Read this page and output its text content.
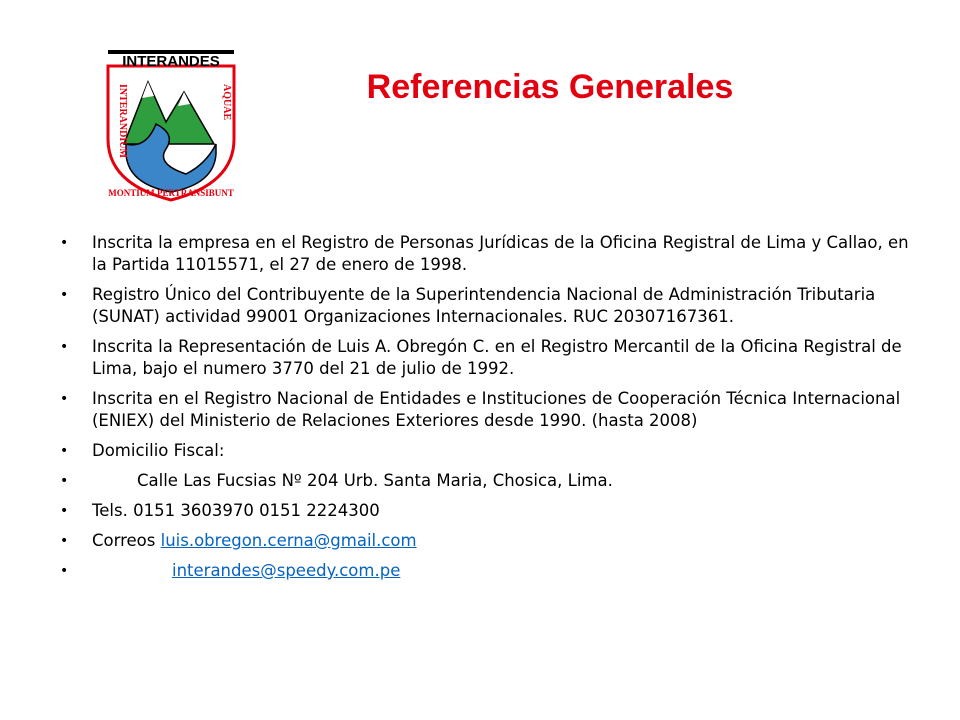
INTERANDES
INTERANDIUM	AQUAE
MONTIUM PERTRANSIBUNT
Referencias Generales
• Inscrita la empresa en el Registro de Personas Jurídicas de la Oficina Registral de Lima y Callao, en la Partida 11015571, el 27 de enero de 1998.
• Registro Único del Contribuyente de la Superintendencia Nacional de Administración Tributaria (SUNAT) actividad 99001 Organizaciones Internacionales. RUC 20307167361.
• Inscrita la Representación de Luis A. Obregón C. en el Registro Mercantil de la Oficina Registral de Lima, bajo el numero 3770 del 21 de julio de 1992.
• Inscrita en el Registro Nacional de Entidades e Instituciones de Cooperación Técnica Internacional (ENIEX) del Ministerio de Relaciones Exteriores desde 1990. (hasta 2008)
• Domicilio Fiscal:
•	Calle Las Fucsias Nº 204 Urb. Santa Maria, Chosica, Lima.
• Tels. 0151 3603970 0151 2224300
• Correos luis.obregon.cerna@gmail.com
•	interandes@speedy.com.pe
